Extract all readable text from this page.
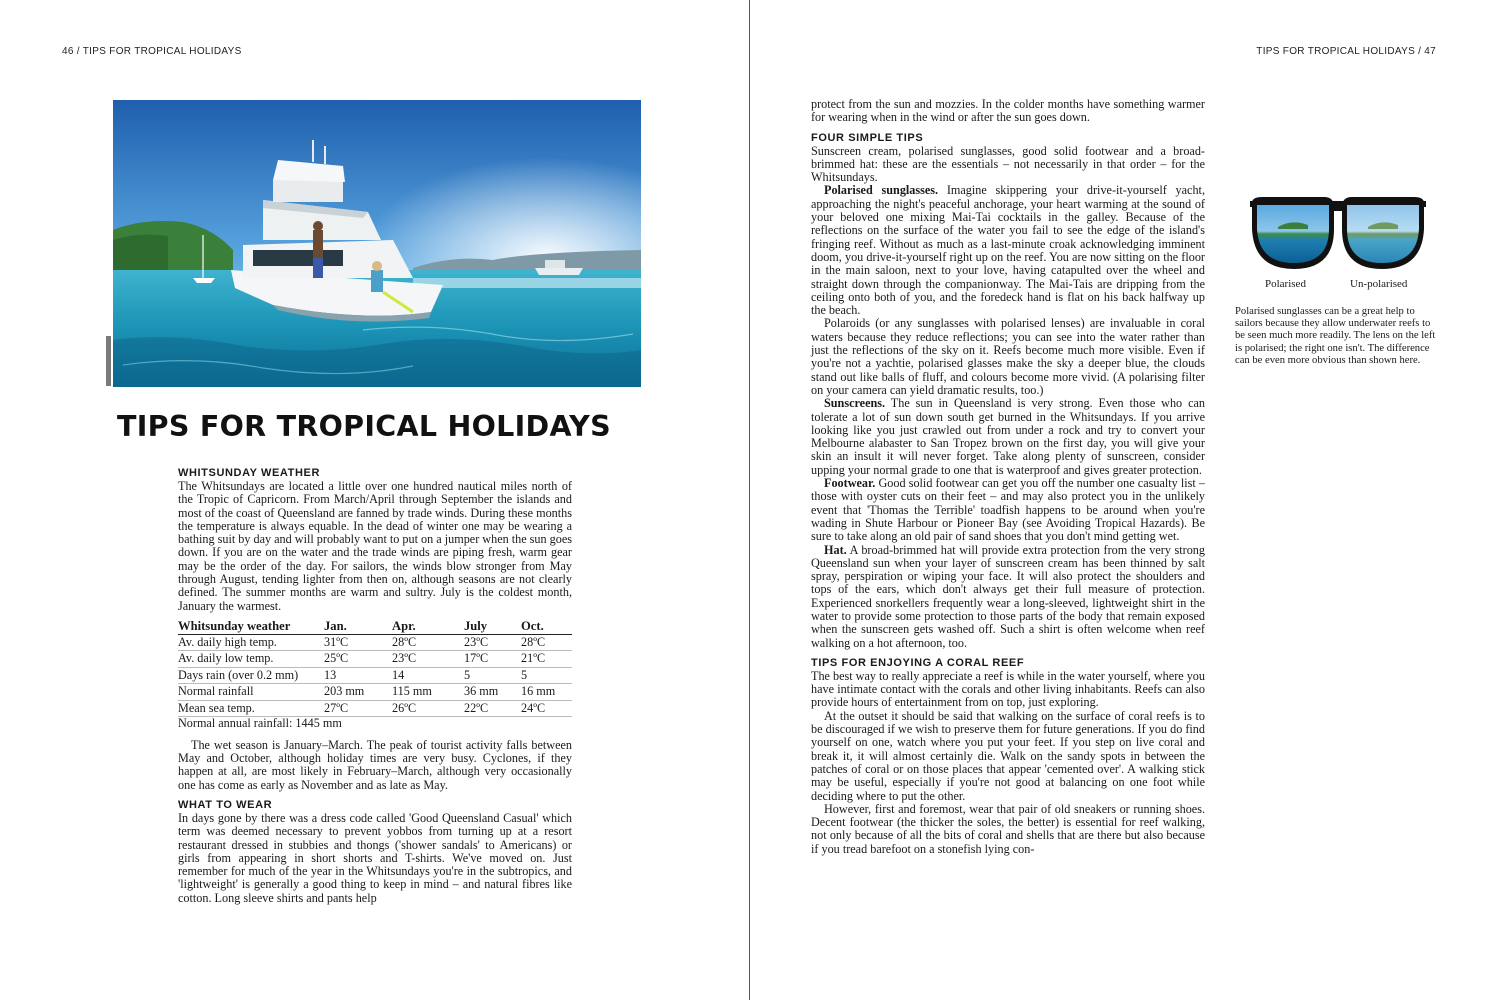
46 / TIPS FOR TROPICAL HOLIDAYS	TIPS FOR TROPICAL HOLIDAYS / 47
TIPS FOR TROPICAL HOLIDAYS
WHITSUNDAY WEATHER

The Whitsundays are located a little over one hundred nautical miles north of the Tropic of Capricorn. From March/April through September the islands and most of the coast of Queensland are fanned by trade winds. During these months the temperature is always equable. In the dead of winter one may be wearing a bathing suit by day and will probably want to put on a jumper when the sun goes down. If you are on the water and the trade winds are piping fresh, warm gear may be the order of the day. For sailors, the winds blow stronger from May through August, tending lighter from then on, although seasons are not clearly defined. The summer months are warm and sultry. July is the coldest month, January the warmest.

Whitsunday weather	Jan.	Apr.	July	Oct.
Av. daily high temp.	31ºC	28ºC	23ºC	28ºC
Av. daily low temp.	25ºC	23ºC	17ºC	21ºC
Days rain (over 0.2 mm)	13	14	5	5
Normal rainfall	203 mm	115 mm	36 mm	16 mm
Mean sea temp.	27ºC	26ºC	22ºC	24ºC

Normal annual rainfall: 1445 mm

The wet season is January–March. The peak of tourist activity falls between May and October, although holiday times are very busy. Cyclones, if they happen at all, are most likely in February–March, although very occasionally one has come as early as November and as late as May.

WHAT TO WEAR

In days gone by there was a dress code called 'Good Queensland Casual' which term was deemed necessary to prevent yobbos from turning up at a resort restaurant dressed in stubbies and thongs ('shower sandals' to Americans) or girls from appearing in short shorts and T-shirts. We've moved on. Just remember for much of the year in the Whitsundays you're in the subtropics, and 'lightweight' is generally a good thing to keep in mind – and natural fibres like cotton. Long sleeve shirts and pants help

protect from the sun and mozzies. In the colder months have something warmer for wearing when in the wind or after the sun goes down.

FOUR SIMPLE TIPS

Sunscreen cream, polarised sunglasses, good solid footwear and a broad-brimmed hat: these are the essentials – not necessarily in that order – for the Whitsundays.

Polarised sunglasses. Imagine skippering your drive-it-yourself yacht, approaching the night's peaceful anchorage, your heart warming at the sound of your beloved one mixing Mai-Tai cocktails in the galley. Because of the reflections on the surface of the water you fail to see the edge of the island's fringing reef. Without as much as a last-minute croak acknowledging imminent doom, you drive-it-yourself right up on the reef. You are now sitting on the floor in the main saloon, next to your love, having catapulted over the wheel and straight down through the companionway. The Mai-Tais are dripping from the ceiling onto both of you, and the foredeck hand is flat on his back halfway up the beach.

Polaroids (or any sunglasses with polarised lenses) are invaluable in coral waters because they reduce reflections; you can see into the water rather than just the reflections of the sky on it. Reefs become much more visible. Even if you're not a yachtie, polarised glasses make the sky a deeper blue, the clouds stand out like balls of fluff, and colours become more vivid. (A polarising filter on your camera can yield dramatic results, too.)

Sunscreens. The sun in Queensland is very strong. Even those who can tolerate a lot of sun down south get burned in the Whitsundays. If you arrive looking like you just crawled out from under a rock and try to convert your Melbourne alabaster to San Tropez brown on the first day, you will give your skin an insult it will never forget. Take along plenty of sunscreen, consider upping your normal grade to one that is waterproof and gives greater protection.

Footwear. Good solid footwear can get you off the number one casualty list – those with oyster cuts on their feet – and may also protect you in the unlikely event that 'Thomas the Terrible' toadfish happens to be around when you're wading in Shute Harbour or Pioneer Bay (see Avoiding Tropical Hazards). Be sure to take along an old pair of sand shoes that you don't mind getting wet.

Hat. A broad-brimmed hat will provide extra protection from the very strong Queensland sun when your layer of sunscreen cream has been thinned by salt spray, perspiration or wiping your face. It will also protect the shoulders and tops of the ears, which don't always get their full measure of protection. Experienced snorkellers frequently wear a long-sleeved, lightweight shirt in the water to provide some protection to those parts of the body that remain exposed when the sunscreen gets washed off. Such a shirt is often welcome when reef walking on a hot afternoon, too.

TIPS FOR ENJOYING A CORAL REEF

The best way to really appreciate a reef is while in the water yourself, where you have intimate contact with the corals and other living inhabitants. Reefs can also provide hours of entertainment from on top, just exploring.

At the outset it should be said that walking on the surface of coral reefs is to be discouraged if we wish to preserve them for future generations. If you do find yourself on one, watch where you put your feet. If you step on live coral and break it, it will almost certainly die. Walk on the sandy spots in between the patches of coral or on those places that appear 'cemented over'. A walking stick may be useful, especially if you're not good at balancing on one foot while deciding where to put the other.

However, first and foremost, wear that pair of old sneakers or running shoes. Decent footwear (the thicker the soles, the better) is essential for reef walking, not only because of all the bits of coral and shells that are there but also because if you tread barefoot on a stonefish lying con-

Polarised	Un-polarised
Polarised sunglasses can be a great help to sailors because they allow underwater reefs to be seen much more readily. The lens on the left is polarised; the right one isn't. The difference can be even more obvious than shown here.
